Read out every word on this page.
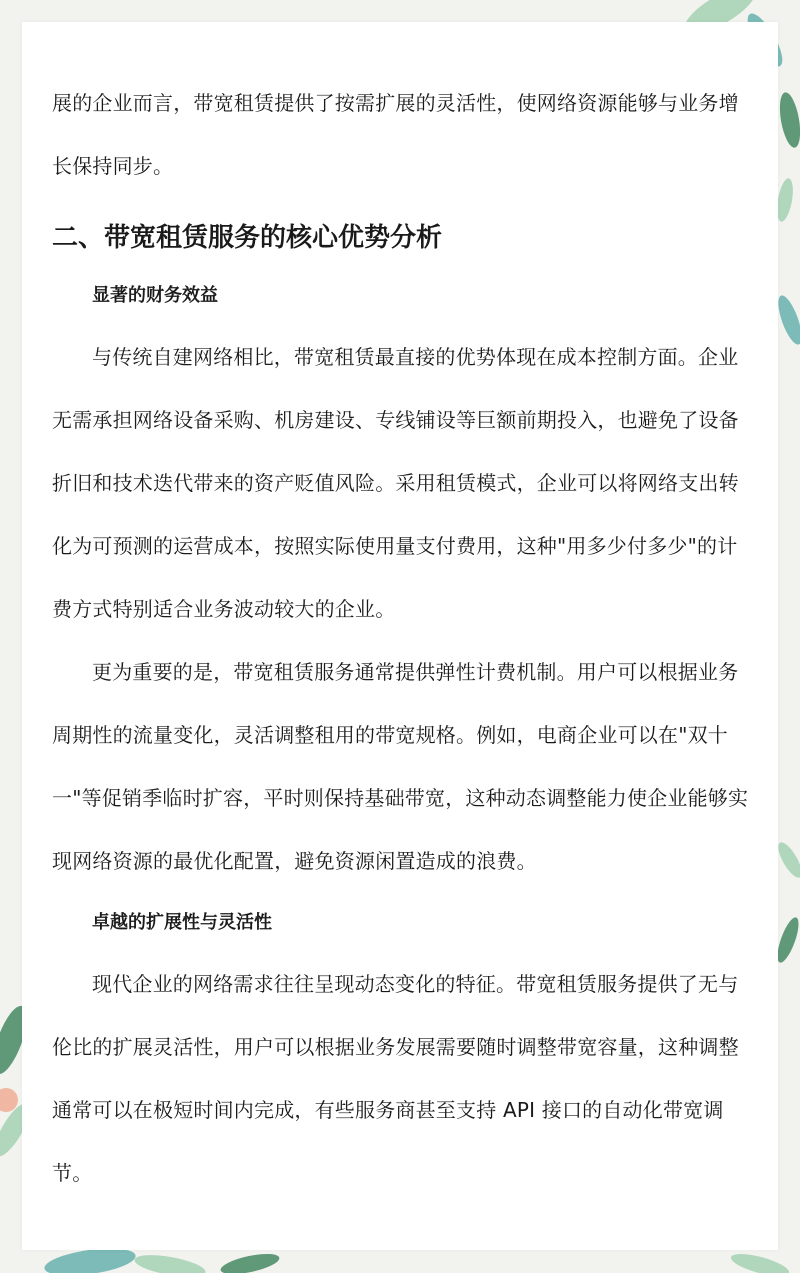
展的企业而言，带宽租赁提供了按需扩展的灵活性，使网络资源能够与业务增长保持同步。

二、带宽租赁服务的核心优势分析
显著的财务效益

与传统自建网络相比，带宽租赁最直接的优势体现在成本控制方面。企业无需承担网络设备采购、机房建设、专线铺设等巨额前期投入，也避免了设备折旧和技术迭代带来的资产贬值风险。采用租赁模式，企业可以将网络支出转化为可预测的运营成本，按照实际使用量支付费用，这种"用多少付多少"的计费方式特别适合业务波动较大的企业。

更为重要的是，带宽租赁服务通常提供弹性计费机制。用户可以根据业务周期性的流量变化，灵活调整租用的带宽规格。例如，电商企业可以在"双十一"等促销季临时扩容，平时则保持基础带宽，这种动态调整能力使企业能够实现网络资源的最优化配置，避免资源闲置造成的浪费。

卓越的扩展性与灵活性

现代企业的网络需求往往呈现动态变化的特征。带宽租赁服务提供了无与伦比的扩展灵活性，用户可以根据业务发展需要随时调整带宽容量，这种调整通常可以在极短时间内完成，有些服务商甚至支持 API 接口的自动化带宽调节。
